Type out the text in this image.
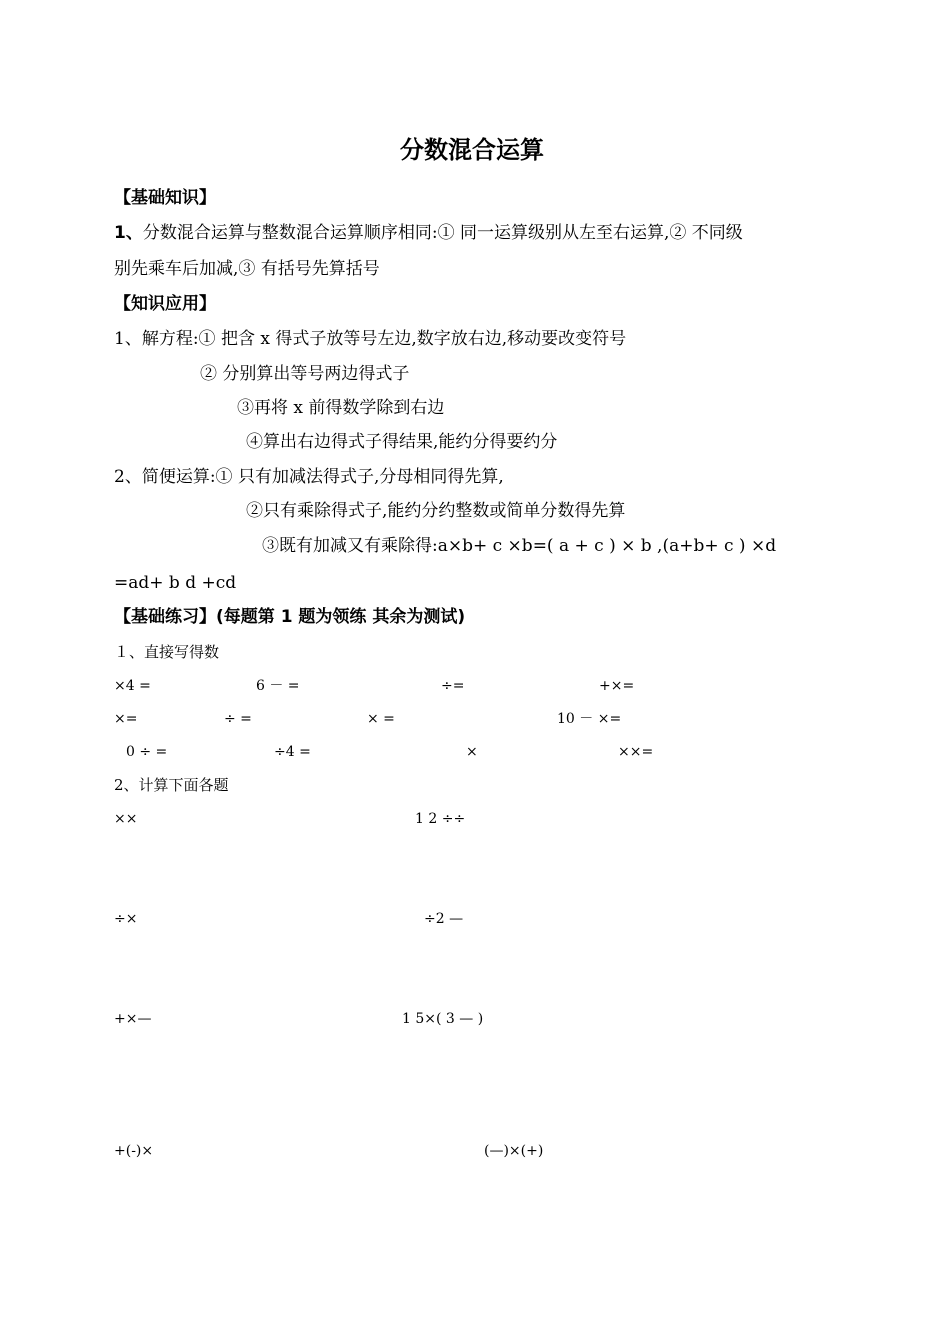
分数混合运算
【基础知识】
1、分数混合运算与整数混合运算顺序相同:① 同一运算级别从左至右运算,② 不同级
别先乘车后加减,③ 有括号先算括号
【知识应用】
1、解方程:① 把含 x 得式子放等号左边,数字放右边,移动要改变符号
② 分别算出等号两边得式子
③再将 x 前得数学除到右边
④算出右边得式子得结果,能约分得要约分
2、简便运算:① 只有加减法得式子,分母相同得先算,
②只有乘除得式子,能约分约整数或简单分数得先算
③既有加减又有乘除得:a×b+ c ×b=( a + c ) × b ,(a+b+ c ) ×d
=ad+ b d +cd
【基础练习】(每题第 1 题为领练 其余为测试)
１、直接写得数
×4 =	6 － =	÷=	+×=
×=	÷ =	× =	10 － ×=
0 ÷ =	÷4 =	×	××=
2、计算下面各题
××	1 2 ÷÷
÷×	÷2 —
+×—	1 5×( 3 — )
+(-)×	(—)×(+)
